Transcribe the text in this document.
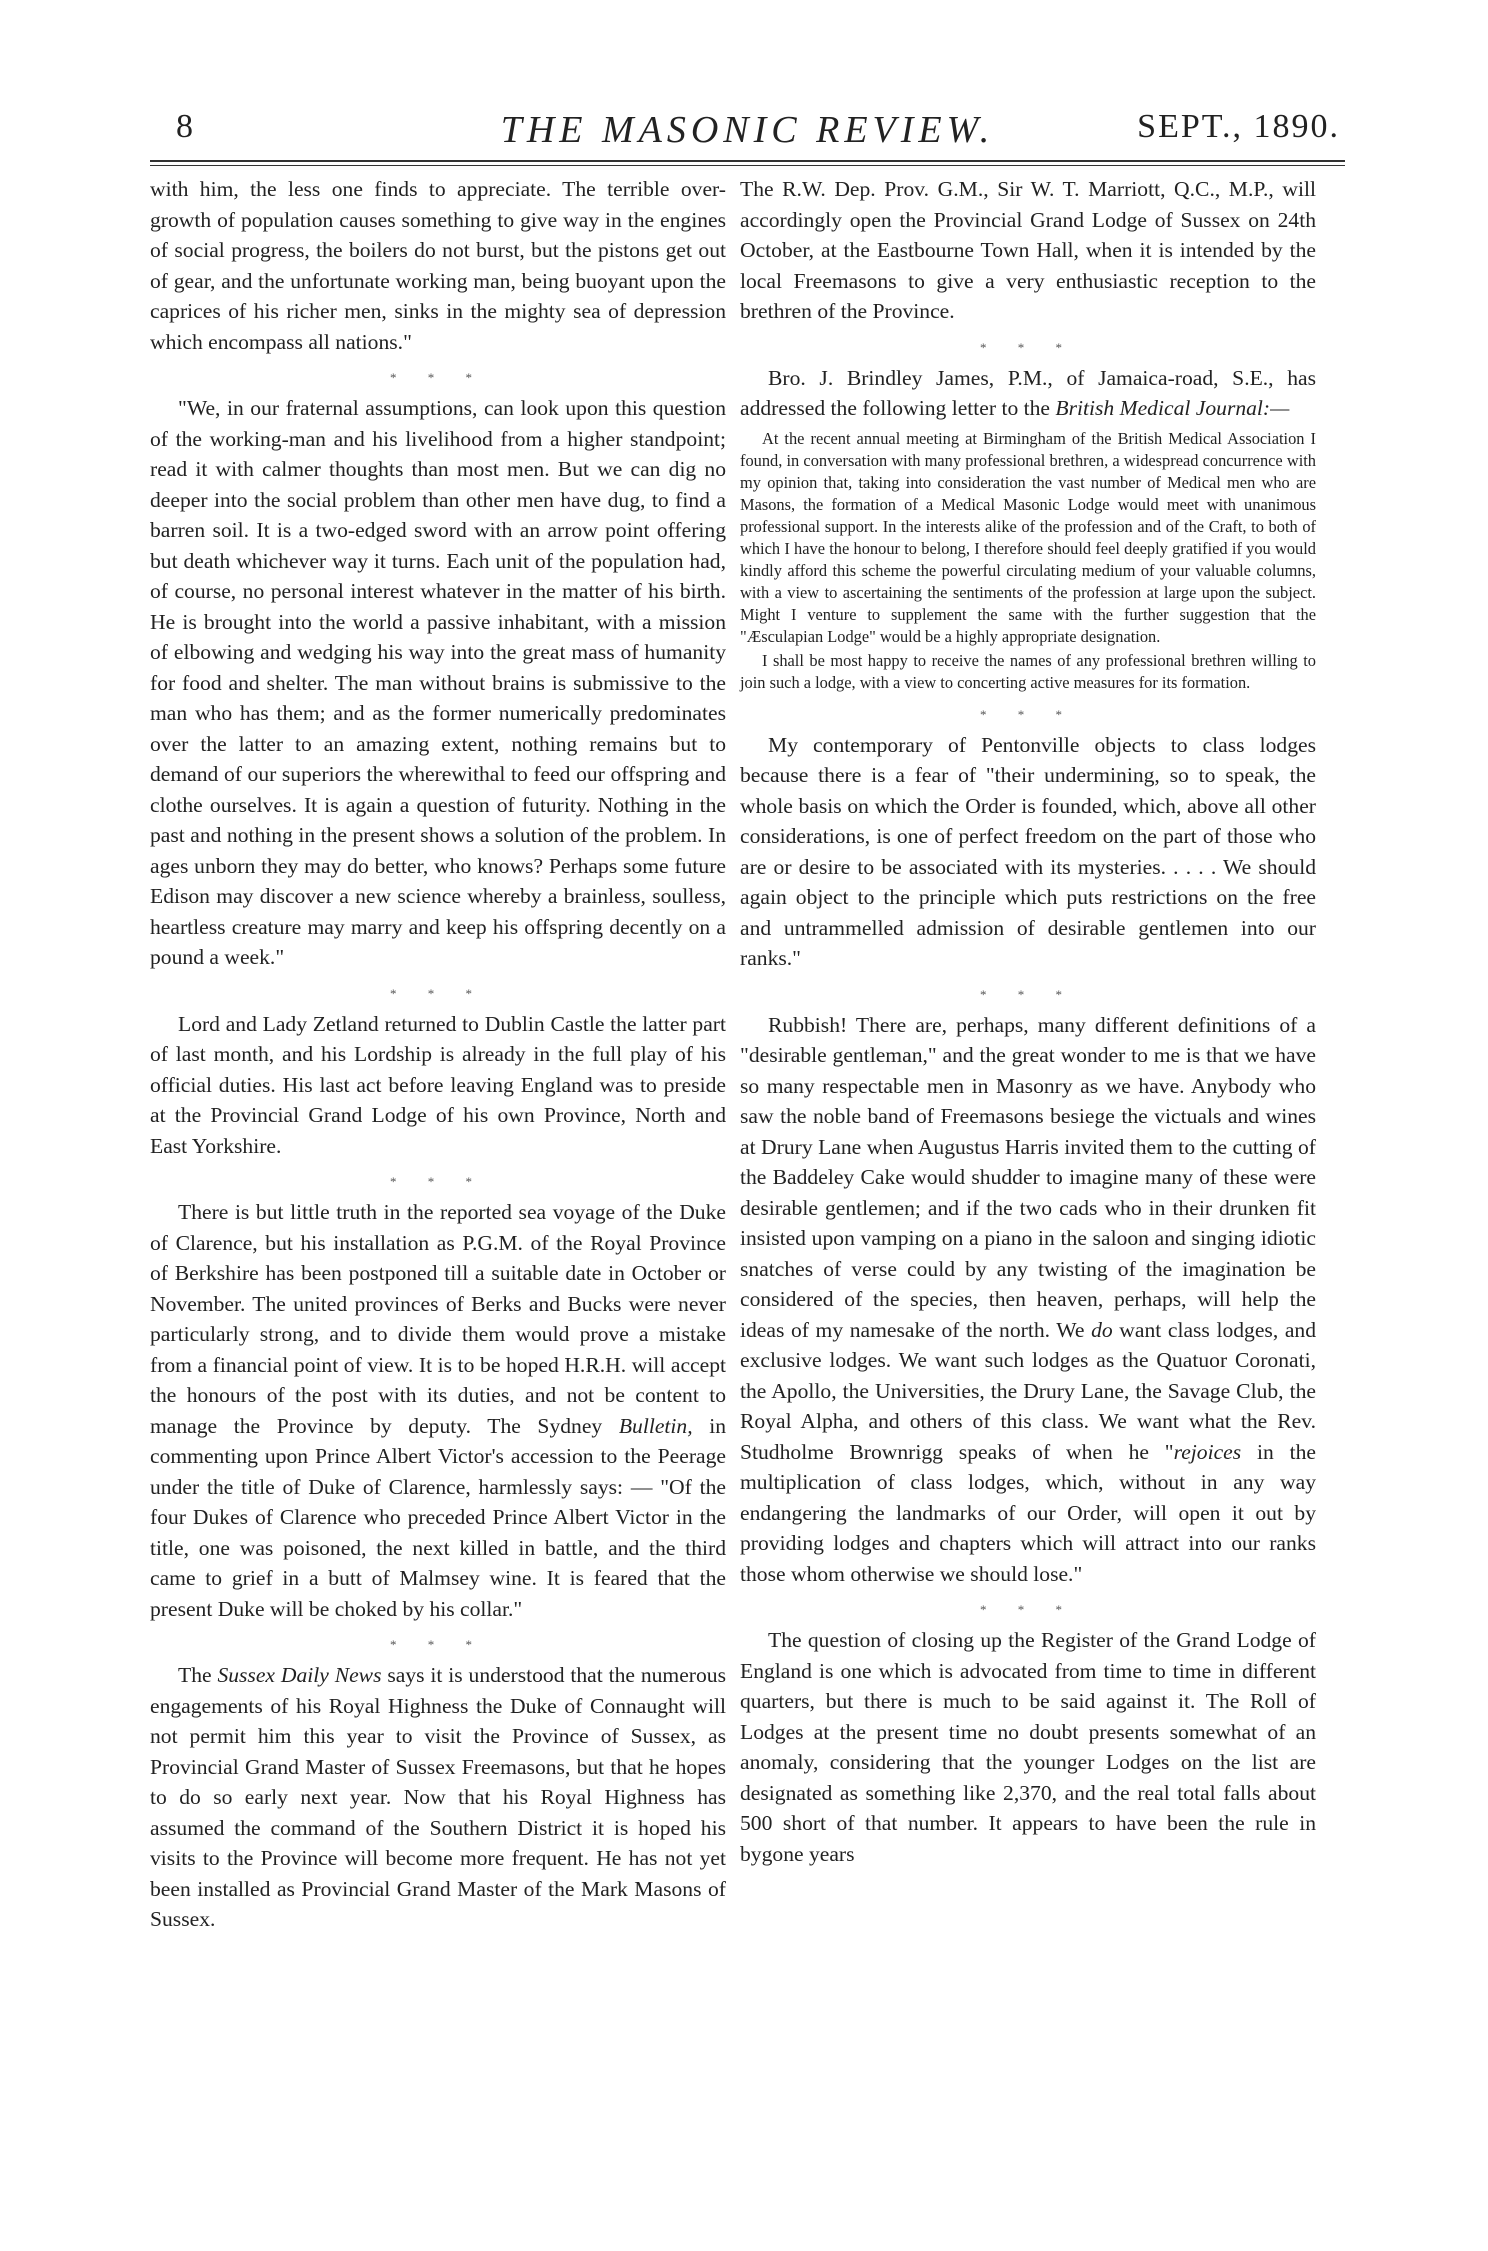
8	THE MASONIC REVIEW.	SEPT., 1890.

with him, the less one finds to appreciate. The terrible over-growth of population causes something to give way in the engines of social progress, the boilers do not burst, but the pistons get out of gear, and the unfortunate working man, being buoyant upon the caprices of his richer men, sinks in the mighty sea of depression which encompass all nations."

* * *

"We, in our fraternal assumptions, can look upon this question of the working-man and his livelihood from a higher standpoint; read it with calmer thoughts than most men. But we can dig no deeper into the social problem than other men have dug, to find a barren soil. It is a two-edged sword with an arrow point offering but death whichever way it turns. Each unit of the population had, of course, no personal interest whatever in the matter of his birth. He is brought into the world a passive inhabitant, with a mission of elbowing and wedging his way into the great mass of humanity for food and shelter. The man without brains is submissive to the man who has them; and as the former numerically predominates over the latter to an amazing extent, nothing remains but to demand of our superiors the wherewithal to feed our offspring and clothe ourselves. It is again a question of futurity. Nothing in the past and nothing in the present shows a solution of the problem. In ages unborn they may do better, who knows? Perhaps some future Edison may discover a new science whereby a brainless, soulless, heartless creature may marry and keep his offspring decently on a pound a week."

* * *

Lord and Lady Zetland returned to Dublin Castle the latter part of last month, and his Lordship is already in the full play of his official duties. His last act before leaving England was to preside at the Provincial Grand Lodge of his own Province, North and East Yorkshire.

* * *

There is but little truth in the reported sea voyage of the Duke of Clarence, but his installation as P.G.M. of the Royal Province of Berkshire has been postponed till a suitable date in October or November. The united provinces of Berks and Bucks were never particularly strong, and to divide them would prove a mistake from a financial point of view. It is to be hoped H.R.H. will accept the honours of the post with its duties, and not be content to manage the Province by deputy. The Sydney Bulletin, in commenting upon Prince Albert Victor's accession to the Peerage under the title of Duke of Clarence, harmlessly says: — "Of the four Dukes of Clarence who preceded Prince Albert Victor in the title, one was poisoned, the next killed in battle, and the third came to grief in a butt of Malmsey wine. It is feared that the present Duke will be choked by his collar."

* * *

The Sussex Daily News says it is understood that the numerous engagements of his Royal Highness the Duke of Connaught will not permit him this year to visit the Province of Sussex, as Provincial Grand Master of Sussex Freemasons, but that he hopes to do so early next year. Now that his Royal Highness has assumed the command of the Southern District it is hoped his visits to the Province will become more frequent. He has not yet been installed as Provincial Grand Master of the Mark Masons of Sussex.

The R.W. Dep. Prov. G.M., Sir W. T. Marriott, Q.C., M.P., will accordingly open the Provincial Grand Lodge of Sussex on 24th October, at the Eastbourne Town Hall, when it is intended by the local Freemasons to give a very enthusiastic reception to the brethren of the Province.

* * *

Bro. J. Brindley James, P.M., of Jamaica-road, S.E., has addressed the following letter to the British Medical Journal:—

At the recent annual meeting at Birmingham of the British Medical Association I found, in conversation with many professional brethren, a widespread concurrence with my opinion that, taking into consideration the vast number of Medical men who are Masons, the formation of a Medical Masonic Lodge would meet with unanimous professional support. In the interests alike of the profession and of the Craft, to both of which I have the honour to belong, I therefore should feel deeply gratified if you would kindly afford this scheme the powerful circulating medium of your valuable columns, with a view to ascertaining the sentiments of the profession at large upon the subject. Might I venture to supplement the same with the further suggestion that the "Æsculapian Lodge" would be a highly appropriate designation.

I shall be most happy to receive the names of any professional brethren willing to join such a lodge, with a view to concerting active measures for its formation.

* * *

My contemporary of Pentonville objects to class lodges because there is a fear of "their undermining, so to speak, the whole basis on which the Order is founded, which, above all other considerations, is one of perfect freedom on the part of those who are or desire to be associated with its mysteries. . . . . We should again object to the principle which puts restrictions on the free and untrammelled admission of desirable gentlemen into our ranks."

* * *

Rubbish! There are, perhaps, many different definitions of a "desirable gentleman," and the great wonder to me is that we have so many respectable men in Masonry as we have. Anybody who saw the noble band of Freemasons besiege the victuals and wines at Drury Lane when Augustus Harris invited them to the cutting of the Baddeley Cake would shudder to imagine many of these were desirable gentlemen; and if the two cads who in their drunken fit insisted upon vamping on a piano in the saloon and singing idiotic snatches of verse could by any twisting of the imagination be considered of the species, then heaven, perhaps, will help the ideas of my namesake of the north. We do want class lodges, and exclusive lodges. We want such lodges as the Quatuor Coronati, the Apollo, the Universities, the Drury Lane, the Savage Club, the Royal Alpha, and others of this class. We want what the Rev. Studholme Brownrigg speaks of when he "rejoices in the multiplication of class lodges, which, without in any way endangering the landmarks of our Order, will open it out by providing lodges and chapters which will attract into our ranks those whom otherwise we should lose."

* * *

The question of closing up the Register of the Grand Lodge of England is one which is advocated from time to time in different quarters, but there is much to be said against it. The Roll of Lodges at the present time no doubt presents somewhat of an anomaly, considering that the younger Lodges on the list are designated as something like 2,370, and the real total falls about 500 short of that number. It appears to have been the rule in bygone years
